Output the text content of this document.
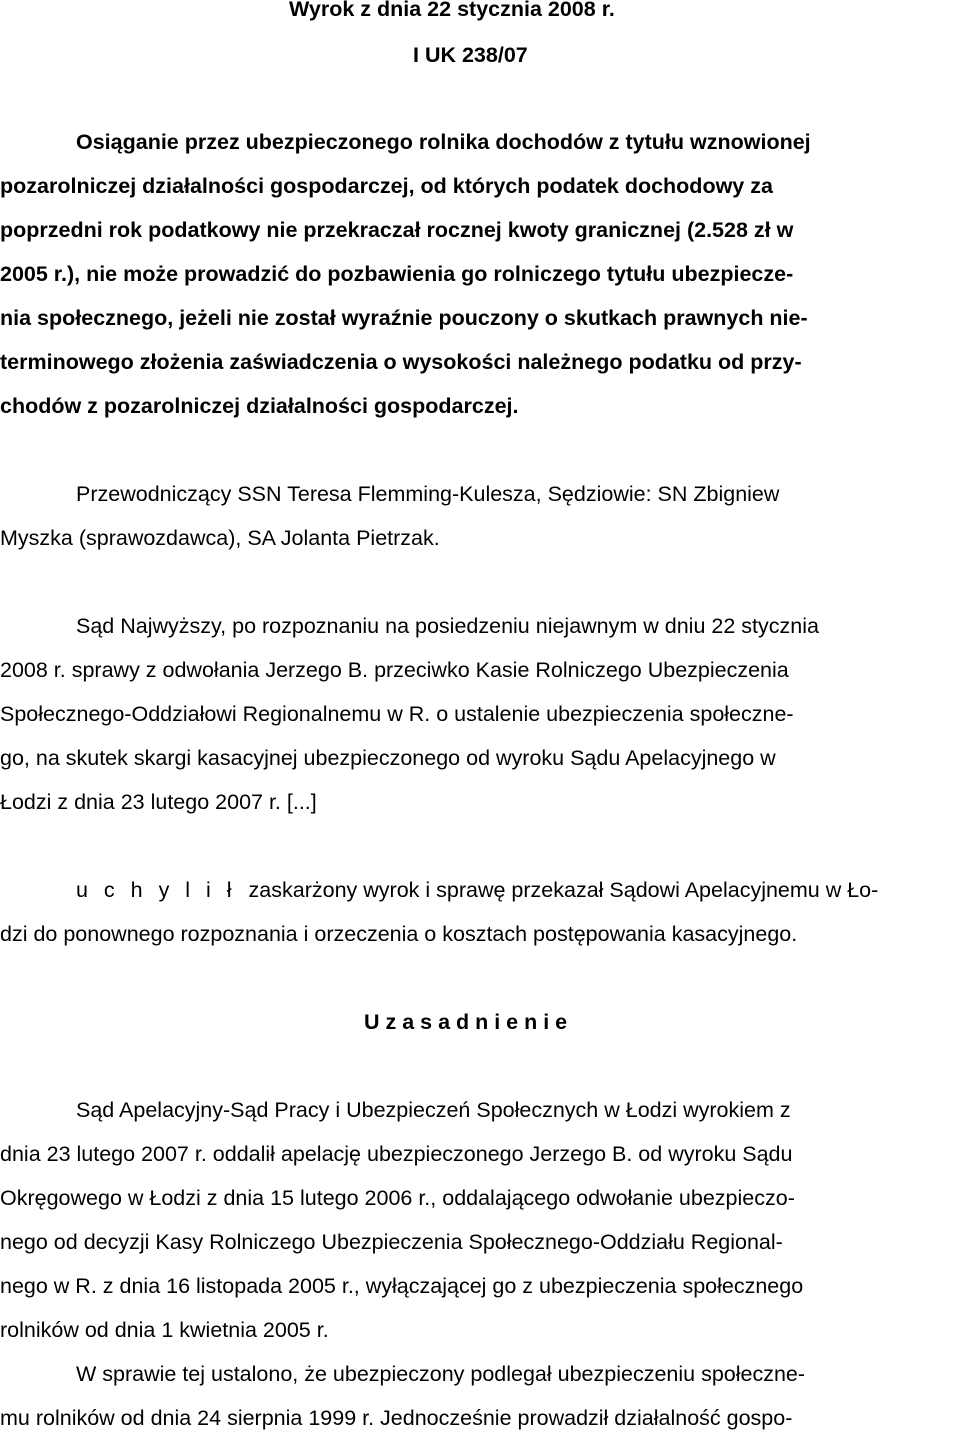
Wyrok z dnia 22 stycznia 2008 r.
I UK 238/07
Osiąganie przez ubezpieczonego rolnika dochodów z tytułu wznowionej
pozarolniczej działalności gospodarczej, od których podatek dochodowy za
poprzedni rok podatkowy nie przekraczał rocznej kwoty granicznej (2.528 zł w
2005 r.), nie może prowadzić do pozbawienia go rolniczego tytułu ubezpiecze-
nia społecznego, jeżeli nie został wyraźnie pouczony o skutkach prawnych nie-
terminowego złożenia zaświadczenia o wysokości należnego podatku od przy-
chodów z pozarolniczej działalności gospodarczej.
Przewodniczący SSN Teresa Flemming-Kulesza, Sędziowie: SN Zbigniew
Myszka (sprawozdawca), SA Jolanta Pietrzak.
Sąd Najwyższy, po rozpoznaniu na posiedzeniu niejawnym w dniu 22 stycznia
2008 r. sprawy z odwołania Jerzego B. przeciwko Kasie Rolniczego Ubezpieczenia
Społecznego-Oddziałowi Regionalnemu w R. o ustalenie ubezpieczenia społeczne-
go, na skutek skargi kasacyjnej ubezpieczonego od wyroku Sądu Apelacyjnego w
Łodzi z dnia 23 lutego 2007 r. [...]
u c h y l i ł zaskarżony wyrok i sprawę przekazał Sądowi Apelacyjnemu w Ło-
dzi do ponownego rozpoznania i orzeczenia o kosztach postępowania kasacyjnego.
U z a s a d n i e n i e
Sąd Apelacyjny-Sąd Pracy i Ubezpieczeń Społecznych w Łodzi wyrokiem z
dnia 23 lutego 2007 r. oddalił apelację ubezpieczonego Jerzego B. od wyroku Sądu
Okręgowego w Łodzi z dnia 15 lutego 2006 r., oddalającego odwołanie ubezpieczo-
nego od decyzji Kasy Rolniczego Ubezpieczenia Społecznego-Oddziału Regional-
nego w R. z dnia 16 listopada 2005 r., wyłączającej go z ubezpieczenia społecznego
rolników od dnia 1 kwietnia 2005 r.
W sprawie tej ustalono, że ubezpieczony podlegał ubezpieczeniu społeczne-
mu rolników od dnia 24 sierpnia 1999 r. Jednocześnie prowadził działalność gospo-
